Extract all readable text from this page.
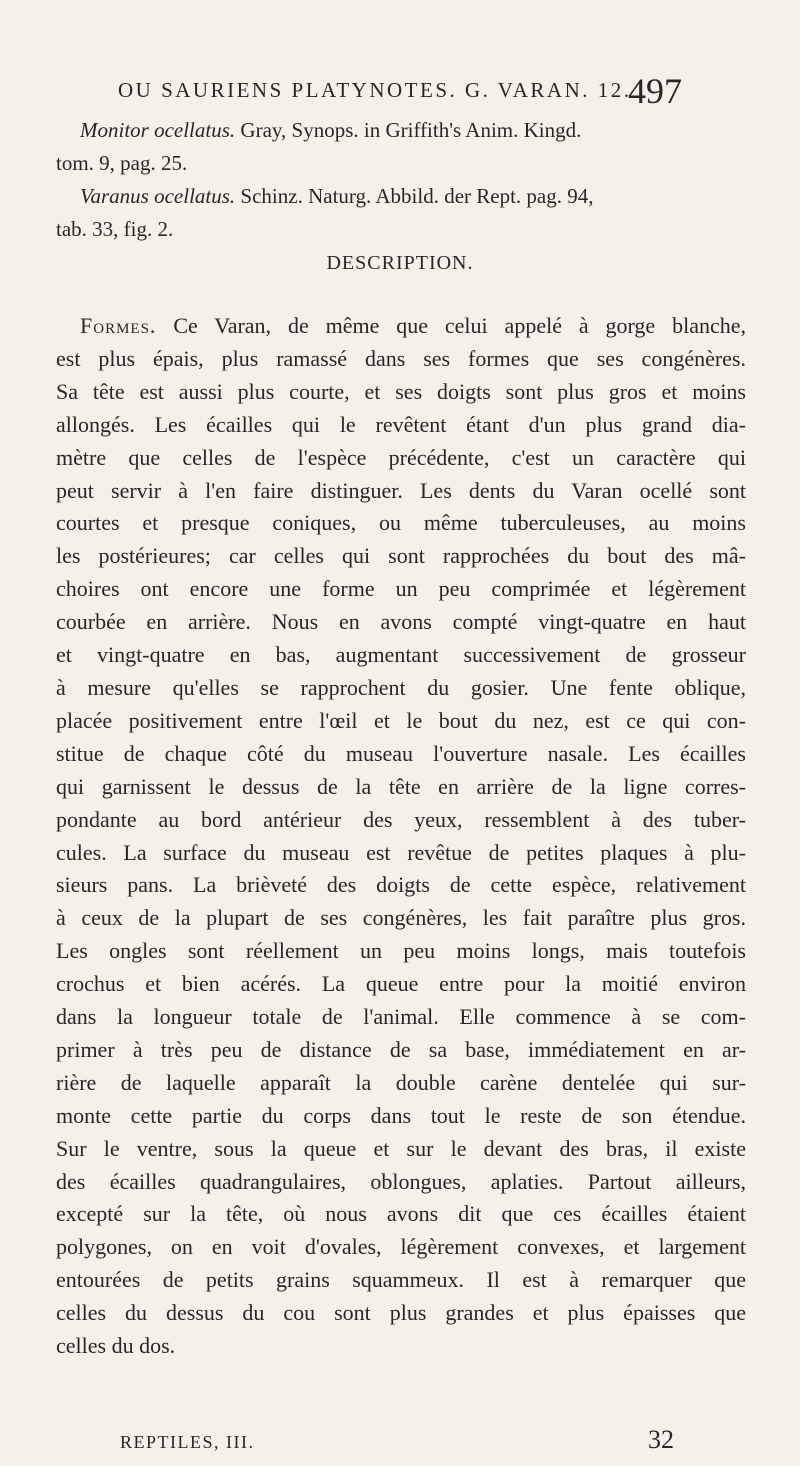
OU SAURIENS PLATYNOTES. G. VARAN. 12.
497
Monitor ocellatus. Gray, Synops. in Griffith's Anim. Kingd.
tom. 9, pag. 25.
Varanus ocellatus. Schinz. Naturg. Abbild. der Rept. pag. 94,
tab. 33, fig. 2.
DESCRIPTION.
Formes. Ce Varan, de même que celui appelé à gorge blanche,
est plus épais, plus ramassé dans ses formes que ses congénères.
Sa tête est aussi plus courte, et ses doigts sont plus gros et moins
allongés. Les écailles qui le revêtent étant d'un plus grand dia-
mètre que celles de l'espèce précédente, c'est un caractère qui
peut servir à l'en faire distinguer. Les dents du Varan ocellé sont
courtes et presque coniques, ou même tuberculeuses, au moins
les postérieures; car celles qui sont rapprochées du bout des mâ-
choires ont encore une forme un peu comprimée et légèrement
courbée en arrière. Nous en avons compté vingt-quatre en haut
et vingt-quatre en bas, augmentant successivement de grosseur
à mesure qu'elles se rapprochent du gosier. Une fente oblique,
placée positivement entre l'œil et le bout du nez, est ce qui con-
stitue de chaque côté du museau l'ouverture nasale. Les écailles
qui garnissent le dessus de la tête en arrière de la ligne corres-
pondante au bord antérieur des yeux, ressemblent à des tuber-
cules. La surface du museau est revêtue de petites plaques à plu-
sieurs pans. La brièveté des doigts de cette espèce, relativement
à ceux de la plupart de ses congénères, les fait paraître plus gros.
Les ongles sont réellement un peu moins longs, mais toutefois
crochus et bien acérés. La queue entre pour la moitié environ
dans la longueur totale de l'animal. Elle commence à se com-
primer à très peu de distance de sa base, immédiatement en ar-
rière de laquelle apparaît la double carène dentelée qui sur-
monte cette partie du corps dans tout le reste de son étendue.
Sur le ventre, sous la queue et sur le devant des bras, il existe
des écailles quadrangulaires, oblongues, aplaties. Partout ailleurs,
excepté sur la tête, où nous avons dit que ces écailles étaient
polygones, on en voit d'ovales, légèrement convexes, et largement
entourées de petits grains squammeux. Il est à remarquer que
celles du dessus du cou sont plus grandes et plus épaisses que
celles du dos.
REPTILES, III.	32
